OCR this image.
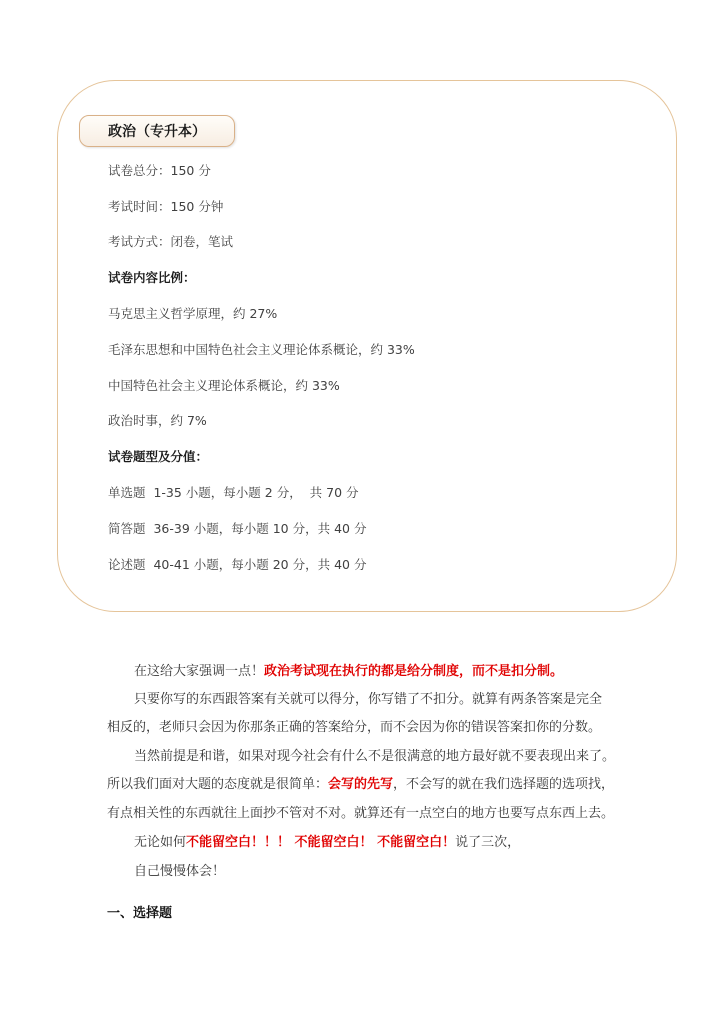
政治（专升本）
试卷总分：150 分
考试时间：150 分钟
考试方式：闭卷，笔试
试卷内容比例：
马克思主义哲学原理，约 27%
毛泽东思想和中国特色社会主义理论体系概论，约 33%
中国特色社会主义理论体系概论，约 33%
政治时事，约 7%
试卷题型及分值：
单选题  1-35 小题，每小题 2 分，  共 70 分
简答题  36-39 小题，每小题 10 分，共 40 分
论述题  40-41 小题，每小题 20 分，共 40 分
在这给大家强调一点！政治考试现在执行的都是给分制度，而不是扣分制。
只要你写的东西跟答案有关就可以得分，你写错了不扣分。就算有两条答案是完全
相反的，老师只会因为你那条正确的答案给分，而不会因为你的错误答案扣你的分数。
当然前提是和谐，如果对现今社会有什么不是很满意的地方最好就不要表现出来了。
所以我们面对大题的态度就是很简单：会写的先写，不会写的就在我们选择题的选项找，
有点相关性的东西就往上面抄不管对不对。就算还有一点空白的地方也要写点东西上去。
无论如何不能留空白！！！ 不能留空白！ 不能留空白！说了三次，
自己慢慢体会！
一、选择题
